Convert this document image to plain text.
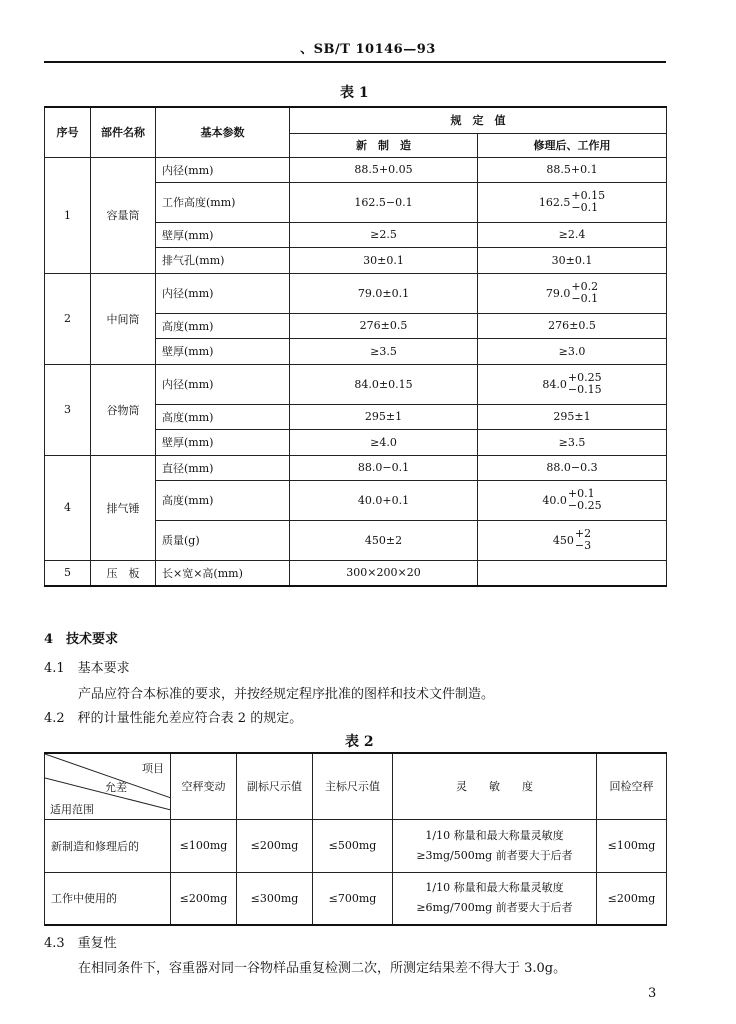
、SB/T 10146—93
表 1
序号	部件名称	基本参数	规　定　值	
			新　制　造	修理后、工作用
1	容量筒	内径(mm)	88.5+0.05	88.5+0.1
		工作高度(mm)	162.5−0.1	162.5 +0.15
−0.1

		壁厚(mm)	≥2.5	≥2.4
		排气孔(mm)	30±0.1	30±0.1
2	中间筒	内径(mm)	79.0±0.1	79.0 +0.2
−0.1

		高度(mm)	276±0.5	276±0.5
		壁厚(mm)	≥3.5	≥3.0
3	谷物筒	内径(mm)	84.0±0.15	84.0 +0.25
−0.15

		高度(mm)	295±1	295±1
		壁厚(mm)	≥4.0	≥3.5
4	排气锤	直径(mm)	88.0−0.1	88.0−0.3
		高度(mm)	40.0+0.1	40.0 +0.1
−0.25

		质量(g)	450±2	450 +2
−3

5	压　板	长×宽×高(mm)	300×200×20	
4　技术要求
4.1　基本要求
产品应符合本标准的要求，并按经规定程序批准的图样和技术文件制造。
4.2　秤的计量性能允差应符合表 2 的规定。
表 2
项目
允差
适用范围	空秤变动	副标尺示值	主标尺示值	灵　　敏　　度	回检空秤
新制造和修理后的	≤100mg	≤200mg	≤500mg	1/10 称量和最大称量灵敏度
≥3mg/500mg 前者要大于后者	≤100mg
工作中使用的	≤200mg	≤300mg	≤700mg	1/10 称量和最大称量灵敏度
≥6mg/700mg 前者要大于后者	≤200mg
4.3　重复性
在相同条件下，容重器对同一谷物样品重复检测二次，所测定结果差不得大于 3.0g。
3
